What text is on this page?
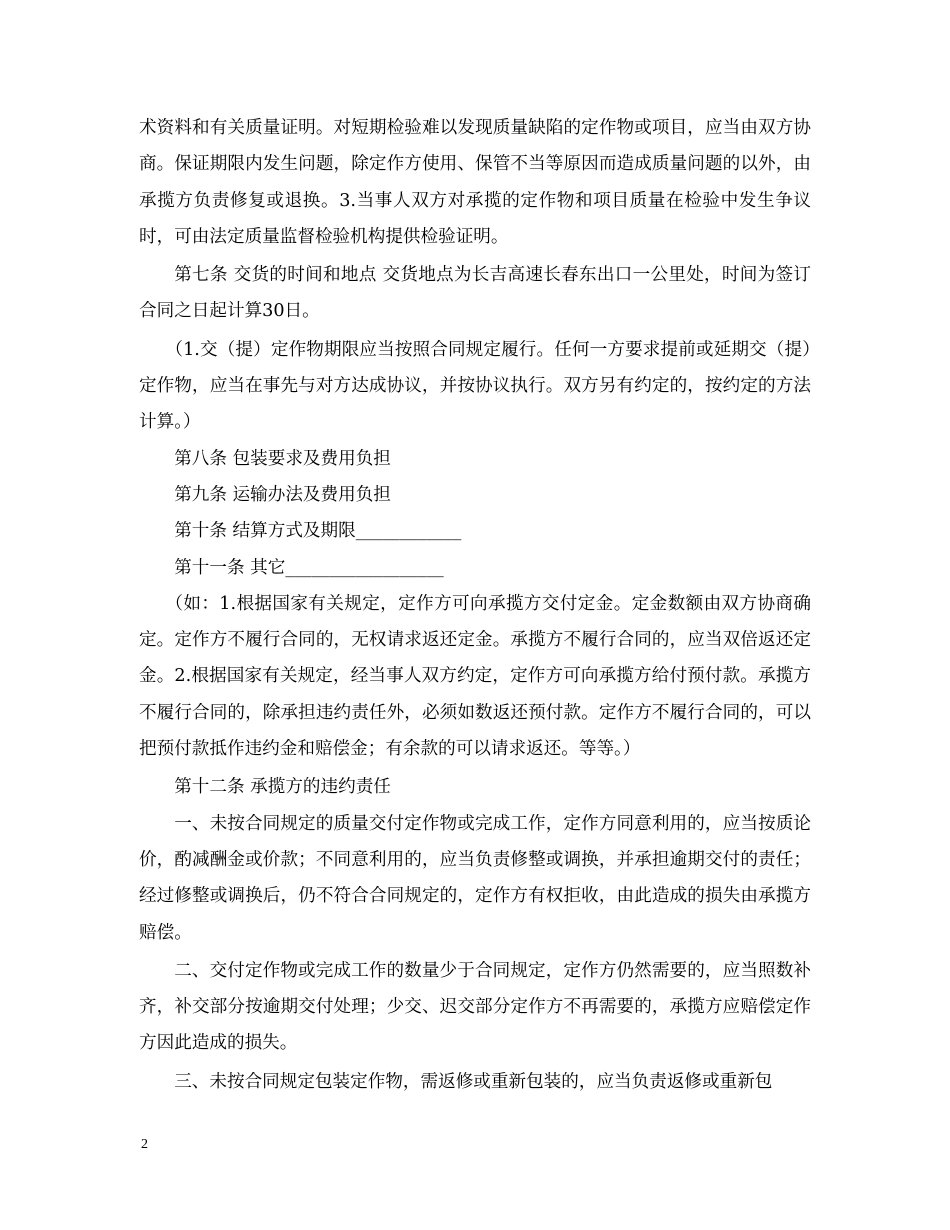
术资料和有关质量证明。对短期检验难以发现质量缺陷的定作物或项目，应当由双方协商。保证期限内发生问题，除定作方使用、保管不当等原因而造成质量问题的以外，由承揽方负责修复或退换。3.当事人双方对承揽的定作物和项目质量在检验中发生争议时，可由法定质量监督检验机构提供检验证明。

第七条 交货的时间和地点 交货地点为长吉高速长春东出口一公里处，时间为签订合同之日起计算30日。

（1.交（提）定作物期限应当按照合同规定履行。任何一方要求提前或延期交（提）定作物，应当在事先与对方达成协议，并按协议执行。双方另有约定的，按约定的方法计算。）

第八条 包装要求及费用负担

第九条 运输办法及费用负担

第十条 结算方式及期限____________

第十一条 其它__________________

（如：1.根据国家有关规定，定作方可向承揽方交付定金。定金数额由双方协商确定。定作方不履行合同的，无权请求返还定金。承揽方不履行合同的，应当双倍返还定金。2.根据国家有关规定，经当事人双方约定，定作方可向承揽方给付预付款。承揽方不履行合同的，除承担违约责任外，必须如数返还预付款。定作方不履行合同的，可以把预付款抵作违约金和赔偿金；有余款的可以请求返还。等等。）

第十二条 承揽方的违约责任

一、未按合同规定的质量交付定作物或完成工作，定作方同意利用的，应当按质论价，酌减酬金或价款；不同意利用的，应当负责修整或调换，并承担逾期交付的责任；经过修整或调换后，仍不符合合同规定的，定作方有权拒收，由此造成的损失由承揽方赔偿。

二、交付定作物或完成工作的数量少于合同规定，定作方仍然需要的，应当照数补齐，补交部分按逾期交付处理；少交、迟交部分定作方不再需要的，承揽方应赔偿定作方因此造成的损失。

三、未按合同规定包装定作物，需返修或重新包装的，应当负责返修或重新包

2
